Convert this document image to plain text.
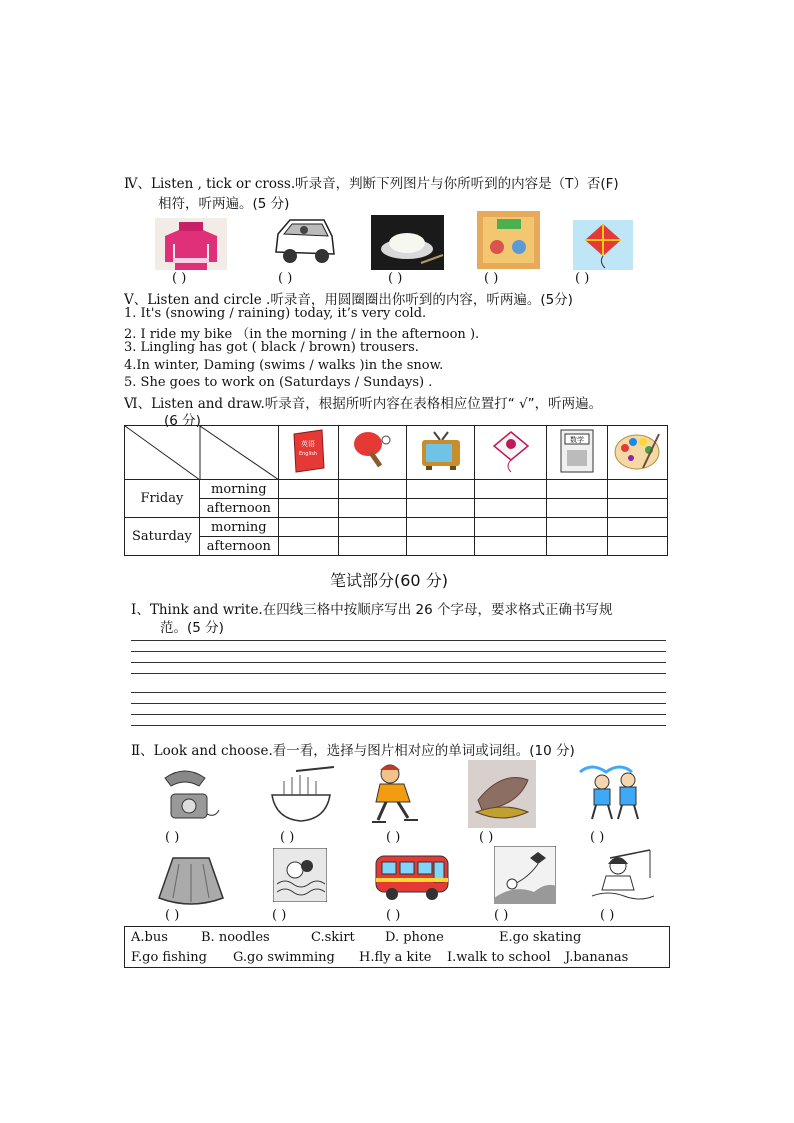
Ⅳ、Listen , tick or cross.听录音，判断下列图片与你所听到的内容是（T）否(F)
相符，听两遍。(5 分)
( )	( )	( )	( )	( )
Ⅴ、Listen and circle .听录音，用圆圈圈出你听到的内容，听两遍。(5分)
1. It's (snowing / raining) today, it’s very cold.
2. I ride my bike （in the morning / in the afternoon ).
3. Lingling has got ( black / brown) trousers.
4.In winter, Daming (swims / walks )in the snow.
5. She goes to work on (Saturdays / Sundays) .
Ⅵ、Listen and draw.听录音，根据所听内容在表格相应位置打“ √”，听两遍。
(6 分)

英语
English				数学

Friday	morning						
	afternoon						
Saturday	morning						
	afternoon						
笔试部分(60 分)
Ⅰ、Think and write.在四线三格中按顺序写出 26 个字母，要求格式正确书写规
范。(5 分)
Ⅱ、Look and choose.看一看，选择与图片相对应的单词或词组。(10 分)
( )	( )	( )	( )	( )
( )	( )	( )	( )	( )
A.bus	B. noodles	C.skirt D. phone	E.go skating
F.go fishing G.go swimming H.fly a kite I.walk to school J.bananas
